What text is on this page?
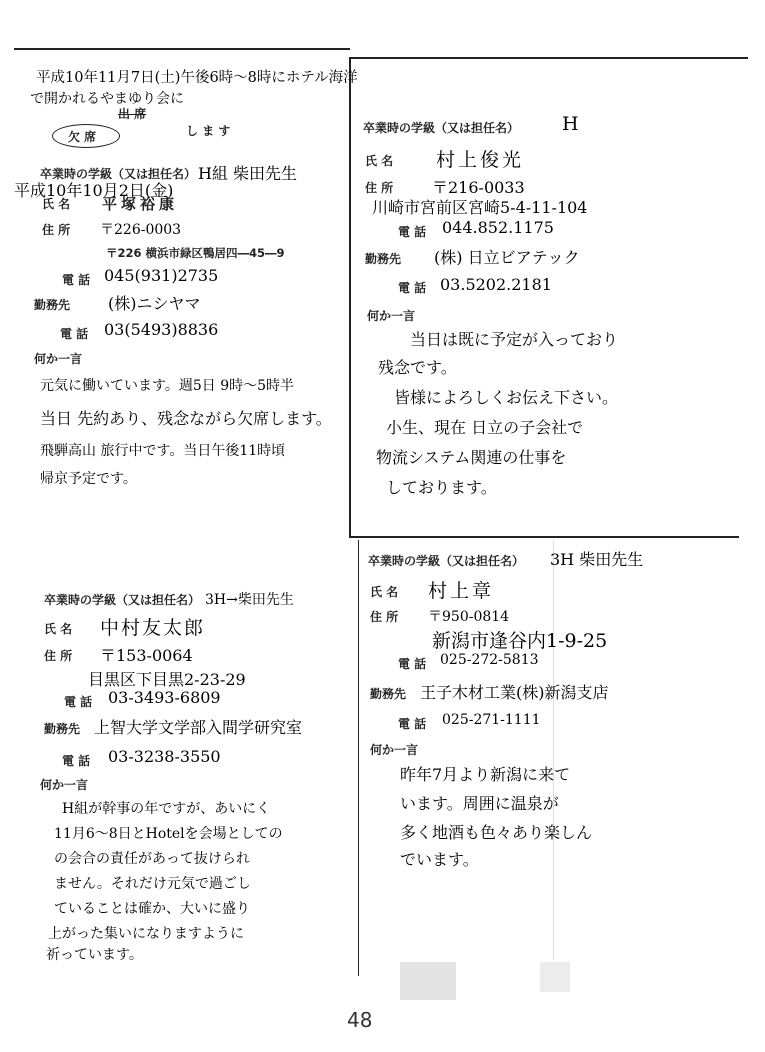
平成10年11月7日(土)午後6時〜8時にホテル海洋
で開かれるやまゆり会に
出 席
欠 席	し ま す
卒業時の学級（又は担任名） H組 柴田先生
平成10年10月2日(金)
氏 名 平塚裕康
住 所 〒226-0003
〒226 横浜市緑区鴨居四―45―9
電 話 045(931)2735
勤務先 (株)ニシヤマ
電 話 03(5493)8836
何か一言
元気に働いています。週5日 9時〜5時半
当日 先約あり、残念ながら欠席します。
飛騨高山 旅行中です。当日午後11時頃
帰京予定です。
卒業時の学級（又は担任名） H
氏 名 村上俊光
住 所 〒216-0033
川崎市宮前区宮崎5-4-11-104
電 話 044.852.1175
勤務先 (株) 日立ビアテック
電 話 03.5202.2181
何か一言
当日は既に予定が入っており
残念です。
皆様によろしくお伝え下さい。
小生、現在 日立の子会社で
物流システム関連の仕事を
しております。
卒業時の学級（又は担任名） 3H→柴田先生
氏 名 中村友太郎
住 所 〒153-0064
目黒区下目黒2-23-29
電 話 03-3493-6809
勤務先 上智大学文学部入間学研究室
電 話 03-3238-3550
何か一言
H組が幹事の年ですが、あいにく
11月6〜8日とHotelを会場としての
の会合の責任があって抜けられ
ません。それだけ元気で過ごし
ていることは確か、大いに盛り
上がった集いになりますように
祈っています。
卒業時の学級（又は担任名） 3H 柴田先生
氏 名 村上章
住 所 〒950-0814
新潟市逢谷内1-9-25
電 話 025-272-5813
勤務先 王子木材工業(株)新潟支店
電 話 025-271-1111
何か一言
昨年7月より新潟に来て
います。周囲に温泉が
多く地酒も色々あり楽しん
でいます。
48
